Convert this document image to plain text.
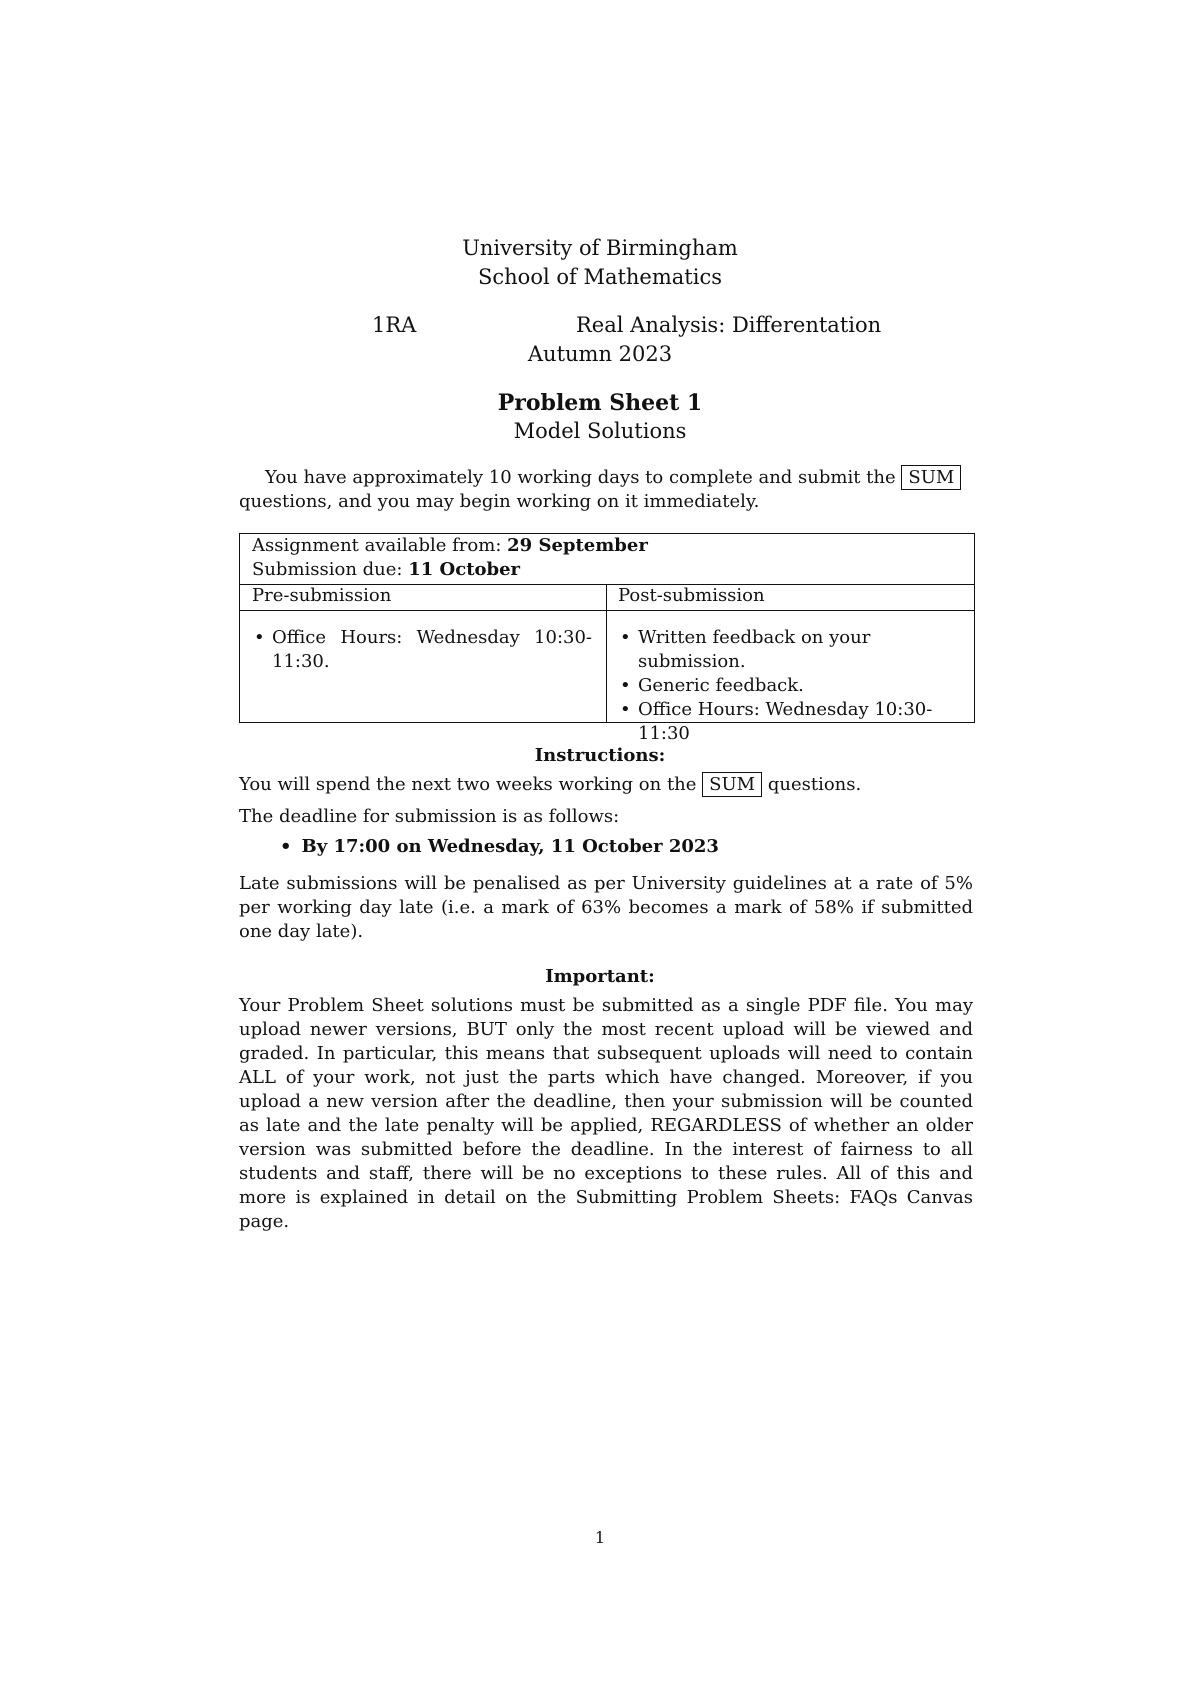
University of Birmingham
School of Mathematics
1RA	Real Analysis: Differentation
Autumn 2023
Problem Sheet 1
Model Solutions
You have approximately 10 working days to complete and submit the SUM
questions, and you may begin working on it immediately.
Assignment available from: 29 September
Submission due: 11 October
Pre-submission	Post-submission
• Office Hours: Wednesday 10:30-11:30.
• Written feedback on your submission.
• Generic feedback.
• Office Hours: Wednesday 10:30-11:30
Instructions:
You will spend the next two weeks working on the SUM questions.
The deadline for submission is as follows:
• By 17:00 on Wednesday, 11 October 2023
Late submissions will be penalised as per University guidelines at a rate of 5% per working day late (i.e. a mark of 63% becomes a mark of 58% if submitted one day late).
Important:
Your Problem Sheet solutions must be submitted as a single PDF file. You may upload newer versions, BUT only the most recent upload will be viewed and graded. In particular, this means that subsequent uploads will need to contain ALL of your work, not just the parts which have changed. Moreover, if you upload a new version after the deadline, then your submission will be counted as late and the late penalty will be applied, REGARDLESS of whether an older version was submitted before the deadline. In the interest of fairness to all students and staff, there will be no exceptions to these rules. All of this and more is explained in detail on the Submitting Problem Sheets: FAQs Canvas page.
1
